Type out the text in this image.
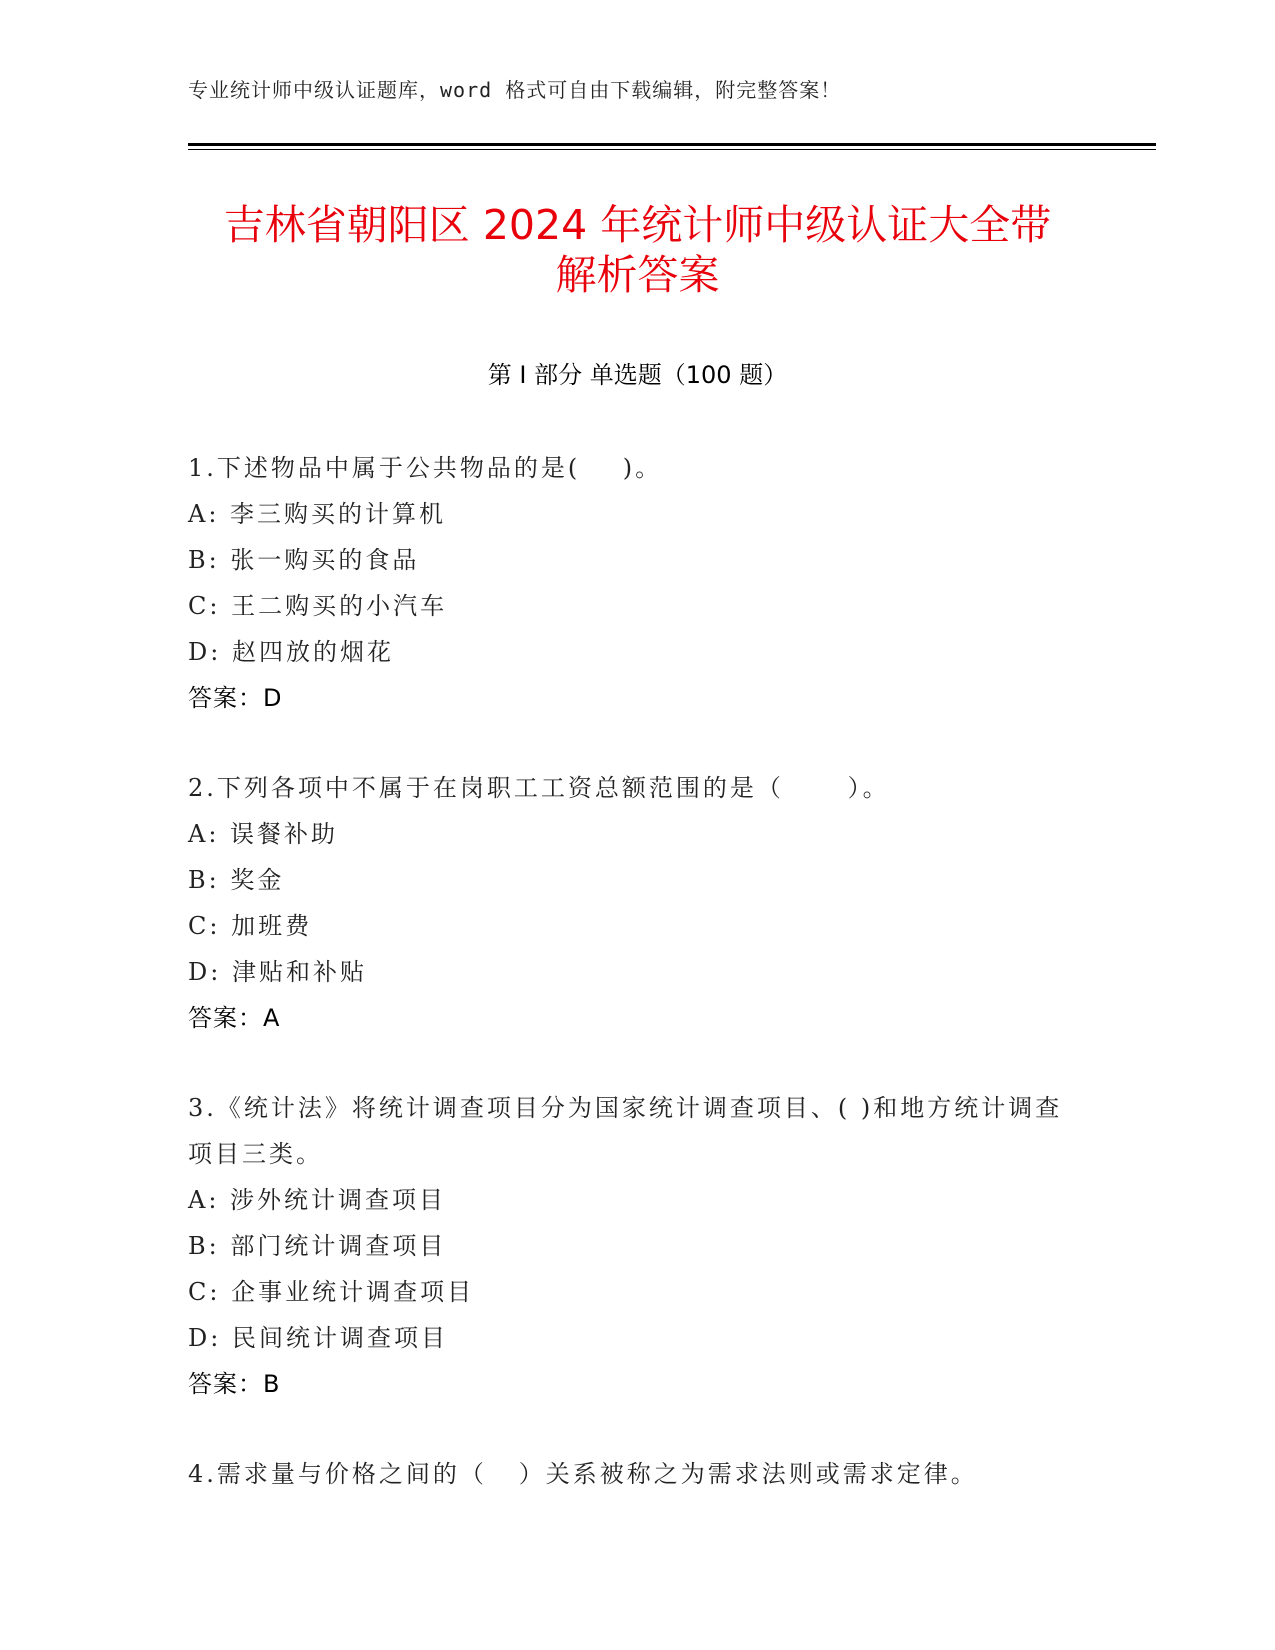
专业统计师中级认证题库，word 格式可自由下载编辑，附完整答案！
吉林省朝阳区 2024 年统计师中级认证大全带
解析答案
第 I 部分 单选题（100 题）
1.下述物品中属于公共物品的是(    )。
A: 李三购买的计算机
B: 张一购买的食品
C: 王二购买的小汽车
D: 赵四放的烟花
答案：D
2.下列各项中不属于在岗职工工资总额范围的是（      ）。
A: 误餐补助
B: 奖金
C: 加班费
D: 津贴和补贴
答案：A
3.《统计法》将统计调查项目分为国家统计调查项目、( )和地方统计调查项目三类。
A: 涉外统计调查项目
B: 部门统计调查项目
C: 企事业统计调查项目
D: 民间统计调查项目
答案：B
4.需求量与价格之间的（   ）关系被称之为需求法则或需求定律。
